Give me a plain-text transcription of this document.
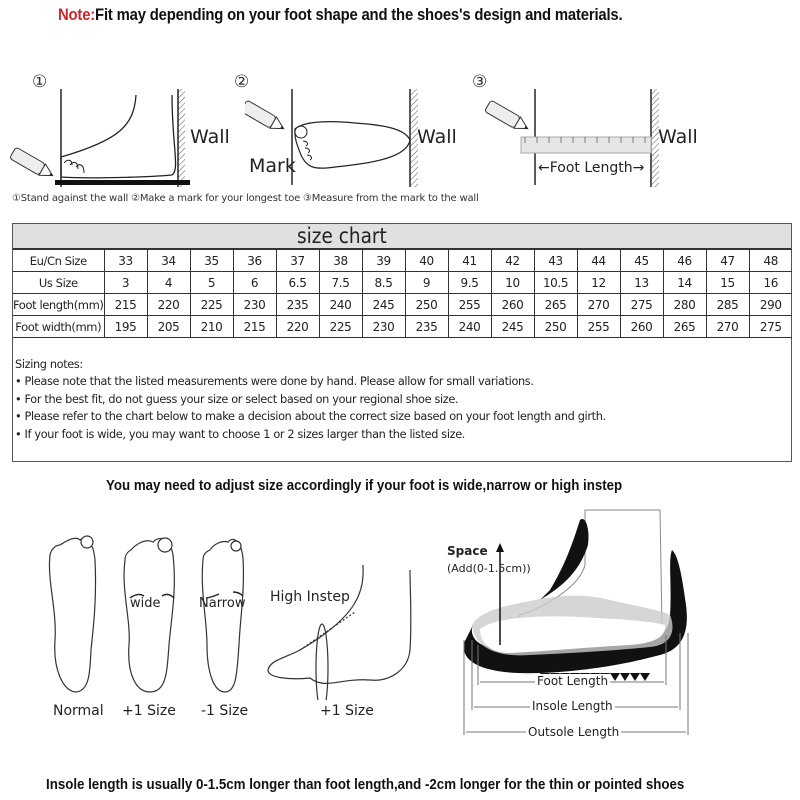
Note:Fit may depending on your foot shape and the shoes's design and materials.
①
Wall
②
Mark
Wall
③
←Foot Length→
Wall
①Stand against the wall ②Make a mark for your longest toe ③Measure from the mark to the wall
size chart
Eu/Cn Size	33	34	35	36	37	38	39	40	41	42	43	44	45	46	47	48
Us Size	3	4	5	6	6.5	7.5	8.5	9	9.5	10	10.5	12	13	14	15	16
Foot length(mm)	215	220	225	230	235	240	245	250	255	260	265	270	275	280	285	290
Foot width(mm)	195	205	210	215	220	225	230	235	240	245	250	255	260	265	270	275
Sizing notes:
• Please note that the listed measurements were done by hand. Please allow for small variations.
• For the best fit, do not guess your size or select based on your regional shoe size.
• Please refer to the chart below to make a decision about the correct size based on your foot length and girth.
• If your foot is wide, you may want to choose 1 or 2 sizes larger than the listed size.
You may need to adjust size accordingly if your foot is wide,narrow or high instep
wide	Narrow
Normal +1 Size -1 Size
High Instep
+1 Size
Space
(Add(0-1.5cm))
Foot Length
Insole Length
Outsole Length
Insole length is usually 0-1.5cm longer than foot length,and -2cm longer for the thin or pointed shoes
